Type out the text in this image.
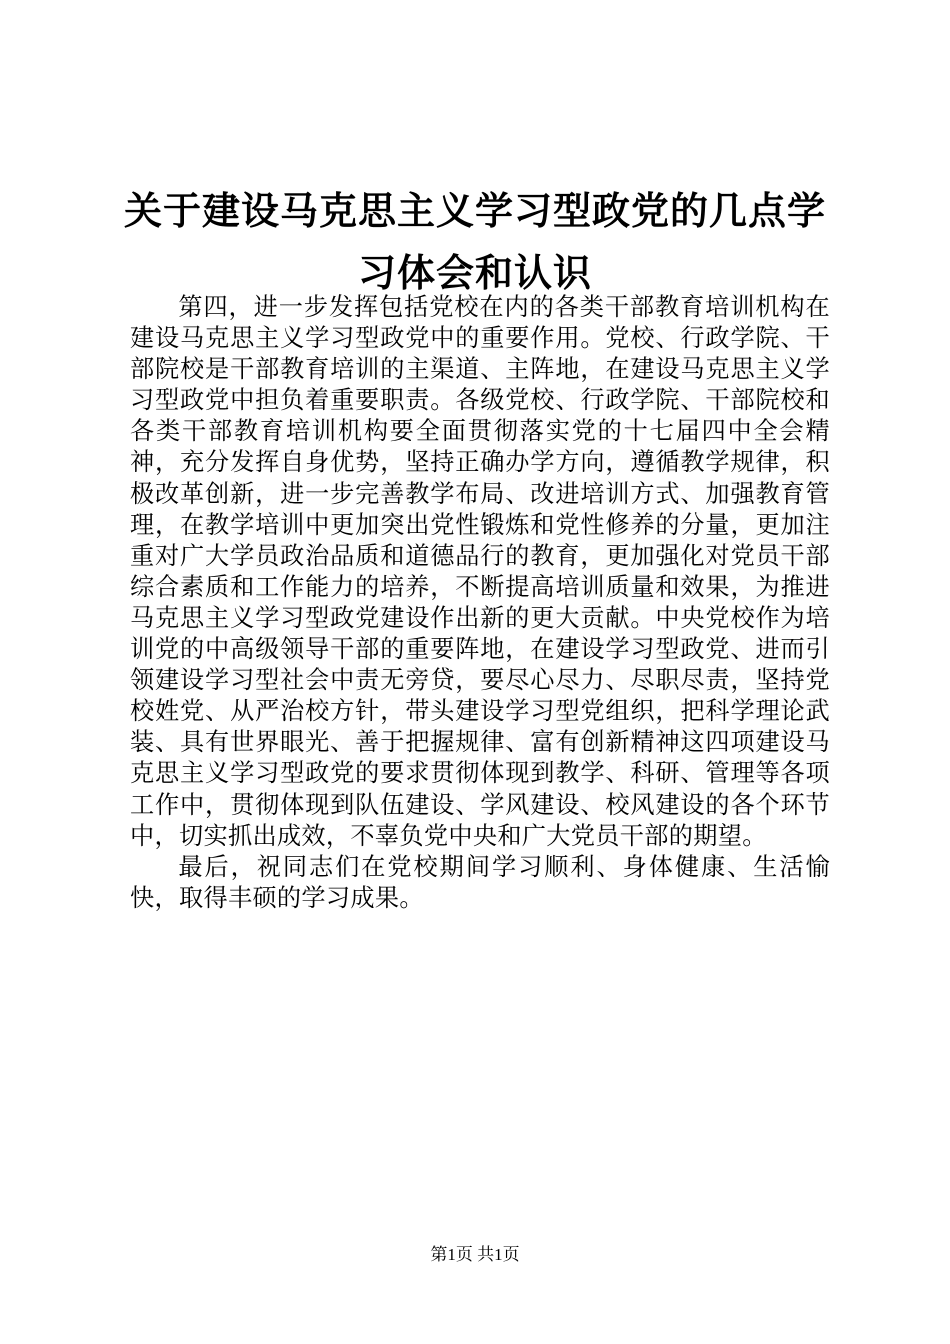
关于建设马克思主义学习型政党的几点学习体会和认识

第四，进一步发挥包括党校在内的各类干部教育培训机构在建设马克思主义学习型政党中的重要作用。党校、行政学院、干部院校是干部教育培训的主渠道、主阵地，在建设马克思主义学习型政党中担负着重要职责。各级党校、行政学院、干部院校和各类干部教育培训机构要全面贯彻落实党的十七届四中全会精神，充分发挥自身优势，坚持正确办学方向，遵循教学规律，积极改革创新，进一步完善教学布局、改进培训方式、加强教育管理，在教学培训中更加突出党性锻炼和党性修养的分量，更加注重对广大学员政治品质和道德品行的教育，更加强化对党员干部综合素质和工作能力的培养，不断提高培训质量和效果，为推进马克思主义学习型政党建设作出新的更大贡献。中央党校作为培训党的中高级领导干部的重要阵地，在建设学习型政党、进而引领建设学习型社会中责无旁贷，要尽心尽力、尽职尽责，坚持党校姓党、从严治校方针，带头建设学习型党组织，把科学理论武装、具有世界眼光、善于把握规律、富有创新精神这四项建设马克思主义学习型政党的要求贯彻体现到教学、科研、管理等各项工作中，贯彻体现到队伍建设、学风建设、校风建设的各个环节中，切实抓出成效，不辜负党中央和广大党员干部的期望。

最后，祝同志们在党校期间学习顺利、身体健康、生活愉快，取得丰硕的学习成果。

第1页 共1页
